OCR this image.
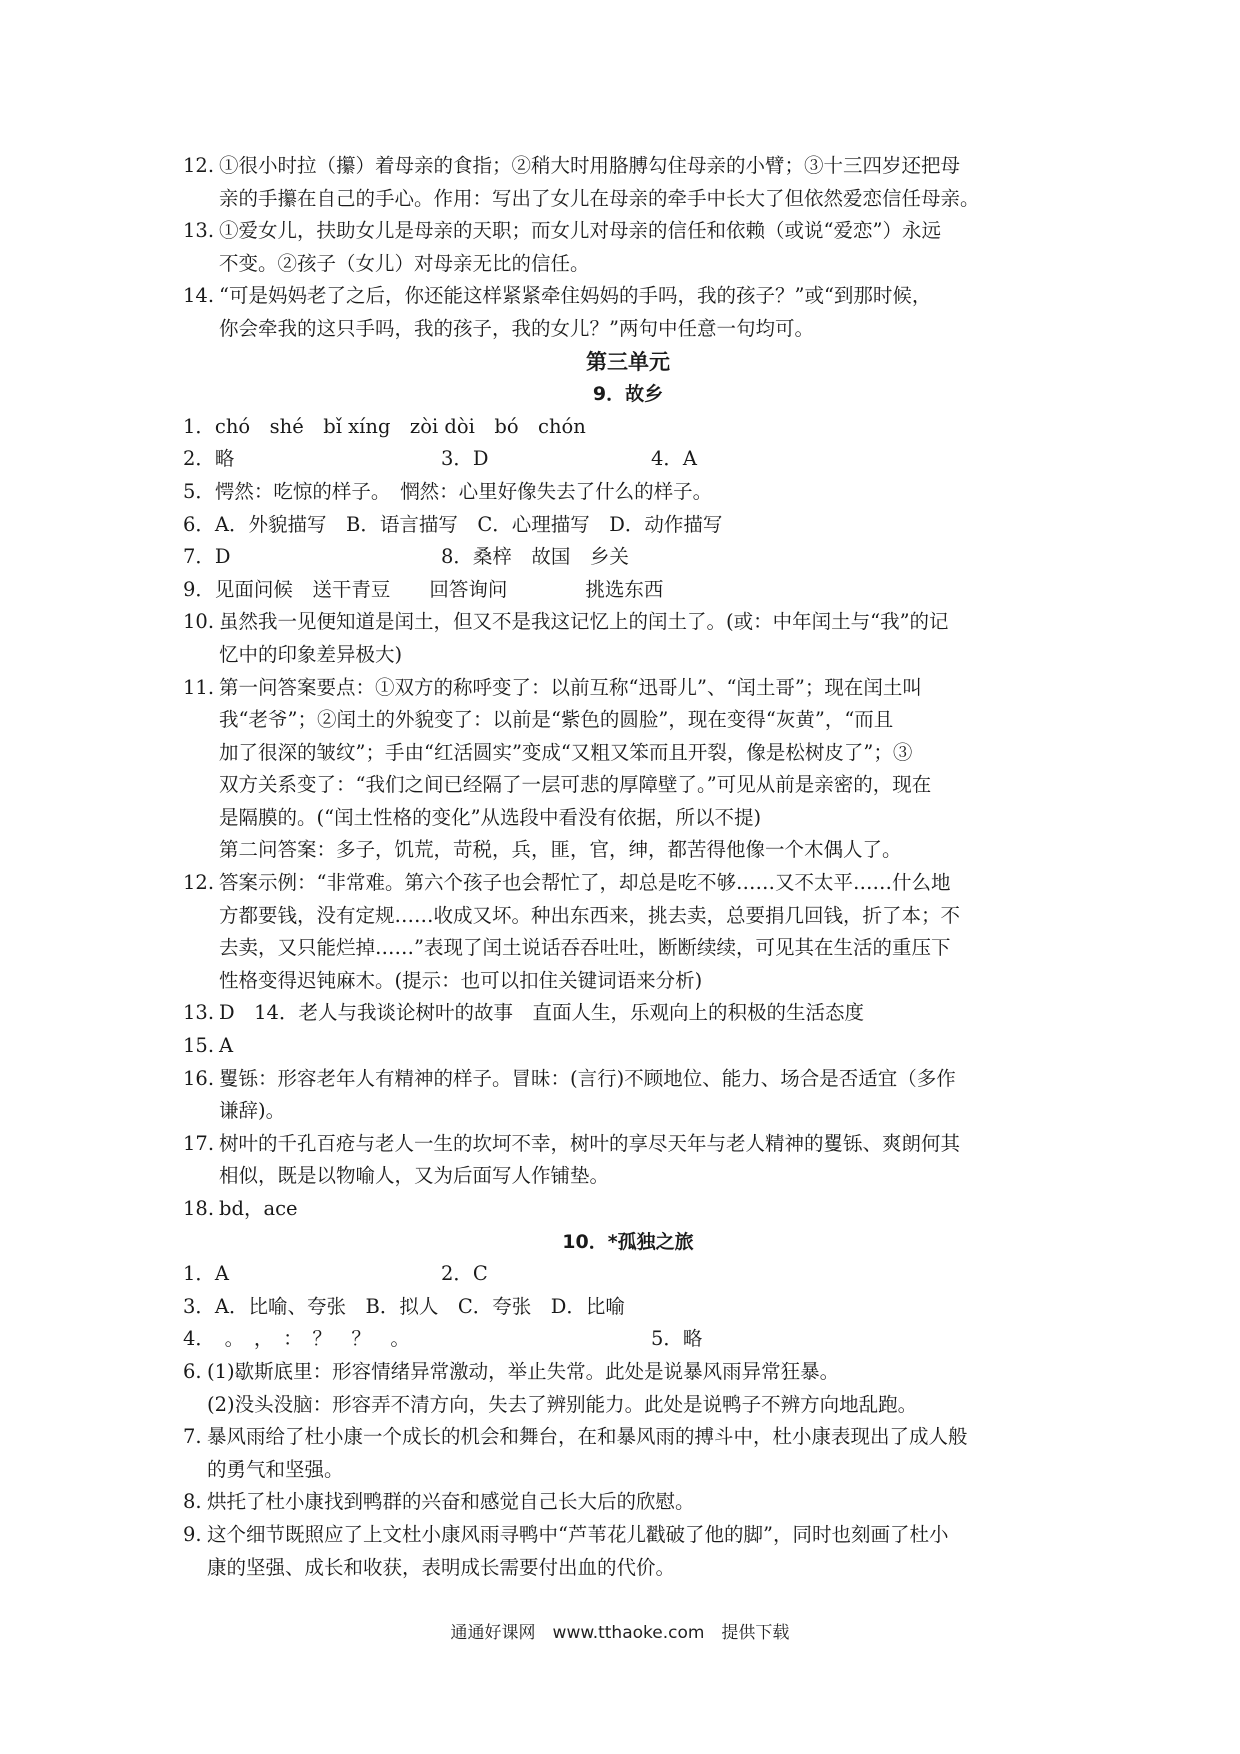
12. ①很小时拉（攥）着母亲的食指；②稍大时用胳膊勾住母亲的小臂；③十三四岁还把母
亲的手攥在自己的手心。作用：写出了女儿在母亲的牵手中长大了但依然爱恋信任母亲。
13. ①爱女儿，扶助女儿是母亲的天职；而女儿对母亲的信任和依赖（或说“爱恋”）永远
不变。②孩子（女儿）对母亲无比的信任。
14. “可是妈妈老了之后，你还能这样紧紧牵住妈妈的手吗，我的孩子？”或“到那时候，
你会牵我的这只手吗，我的孩子，我的女儿？”两句中任意一句均可。
第三单元
9．故乡
1．chó　shé　bǐ xíng　zòi dòi　bó　chón
2．略	3．D	4．A
5．愕然：吃惊的样子。　惘然：心里好像失去了什么的样子。
6．A．外貌描写　B．语言描写　C．心理描写　D．动作描写
7．D	8．桑梓　故国　乡关
9．见面问候　送干青豆　　回答询问　　　　挑选东西
10. 虽然我一见便知道是闰土，但又不是我这记忆上的闰土了。(或：中年闰土与“我”的记
忆中的印象差异极大)
11. 第一问答案要点：①双方的称呼变了：以前互称“迅哥儿”、“闰土哥”；现在闰土叫
我“老爷”；②闰土的外貌变了：以前是“紫色的圆脸”，现在变得“灰黄”，“而且
加了很深的皱纹”；手由“红活圆实”变成“又粗又笨而且开裂，像是松树皮了”；③
双方关系变了：“我们之间已经隔了一层可悲的厚障壁了。”可见从前是亲密的，现在
是隔膜的。(“闰土性格的变化”从选段中看没有依据，所以不提)
第二问答案：多子，饥荒，苛税，兵，匪，官，绅，都苦得他像一个木偶人了。
12. 答案示例：“非常难。第六个孩子也会帮忙了，却总是吃不够……又不太平……什么地
方都要钱，没有定规……收成又坏。种出东西来，挑去卖，总要捐几回钱，折了本；不
去卖，又只能烂掉……”表现了闰土说话吞吞吐吐，断断续续，可见其在生活的重压下
性格变得迟钝麻木。(提示：也可以扣住关键词语来分析)
13. D　14．老人与我谈论树叶的故事　直面人生，乐观向上的积极的生活态度
15. A
16. 矍铄：形容老年人有精神的样子。冒昧：(言行)不顾地位、能力、场合是否适宜（多作
谦辞)。
17. 树叶的千孔百疮与老人一生的坎坷不幸，树叶的享尽天年与老人精神的矍铄、爽朗何其
相似，既是以物喻人，又为后面写人作铺垫。
18. bd，ace
10．*孤独之旅
1．A	2．C
3．A．比喻、夸张　B．拟人　C．夸张　D．比喻
4．　。　，　：　？　？　。	5．略
6. (1)歇斯底里：形容情绪异常激动，举止失常。此处是说暴风雨异常狂暴。
(2)没头没脑：形容弄不清方向，失去了辨别能力。此处是说鸭子不辨方向地乱跑。
7. 暴风雨给了杜小康一个成长的机会和舞台，在和暴风雨的搏斗中，杜小康表现出了成人般
的勇气和坚强。
8. 烘托了杜小康找到鸭群的兴奋和感觉自己长大后的欣慰。
9. 这个细节既照应了上文杜小康风雨寻鸭中“芦苇花儿戳破了他的脚”，同时也刻画了杜小
康的坚强、成长和收获，表明成长需要付出血的代价。
通通好课网　www.tthaoke.com　提供下载
